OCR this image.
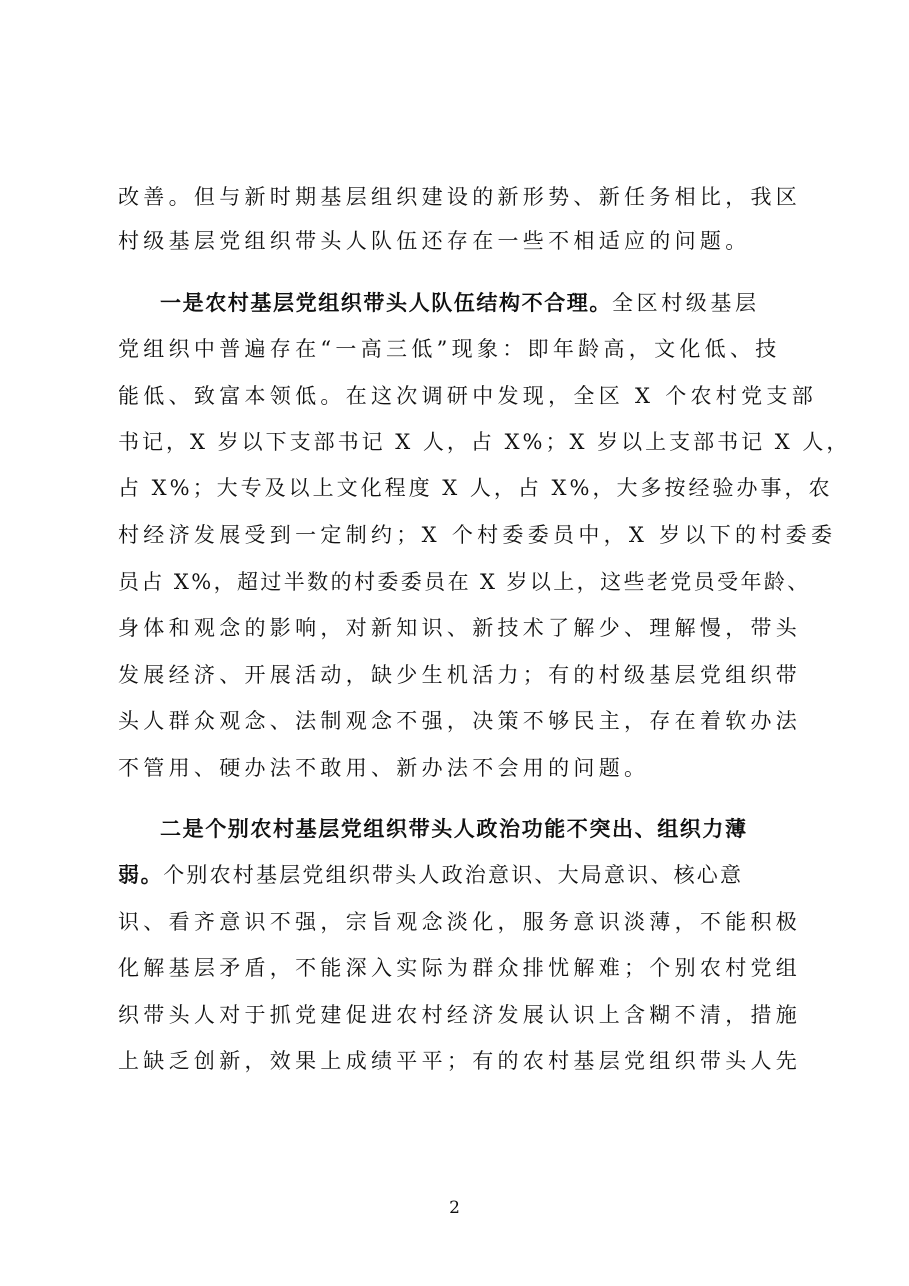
改善。但与新时期基层组织建设的新形势、新任务相比，我区
村级基层党组织带头人队伍还存在一些不相适应的问题。
一是农村基层党组织带头人队伍结构不合理。全区村级基层
党组织中普遍存在“一高三低”现象：即年龄高，文化低、技
能低、致富本领低。在这次调研中发现，全区 X 个农村党支部
书记，X 岁以下支部书记 X 人，占 X%；X 岁以上支部书记 X 人，
占 X%；大专及以上文化程度 X 人，占 X%，大多按经验办事，农
村经济发展受到一定制约；X 个村委委员中，X 岁以下的村委委
员占 X%，超过半数的村委委员在 X 岁以上，这些老党员受年龄、
身体和观念的影响，对新知识、新技术了解少、理解慢，带头
发展经济、开展活动，缺少生机活力；有的村级基层党组织带
头人群众观念、法制观念不强，决策不够民主，存在着软办法
不管用、硬办法不敢用、新办法不会用的问题。
二是个别农村基层党组织带头人政治功能不突出、组织力薄
弱。个别农村基层党组织带头人政治意识、大局意识、核心意
识、看齐意识不强，宗旨观念淡化，服务意识淡薄，不能积极
化解基层矛盾，不能深入实际为群众排忧解难；个别农村党组
织带头人对于抓党建促进农村经济发展认识上含糊不清，措施
上缺乏创新，效果上成绩平平；有的农村基层党组织带头人先
2
